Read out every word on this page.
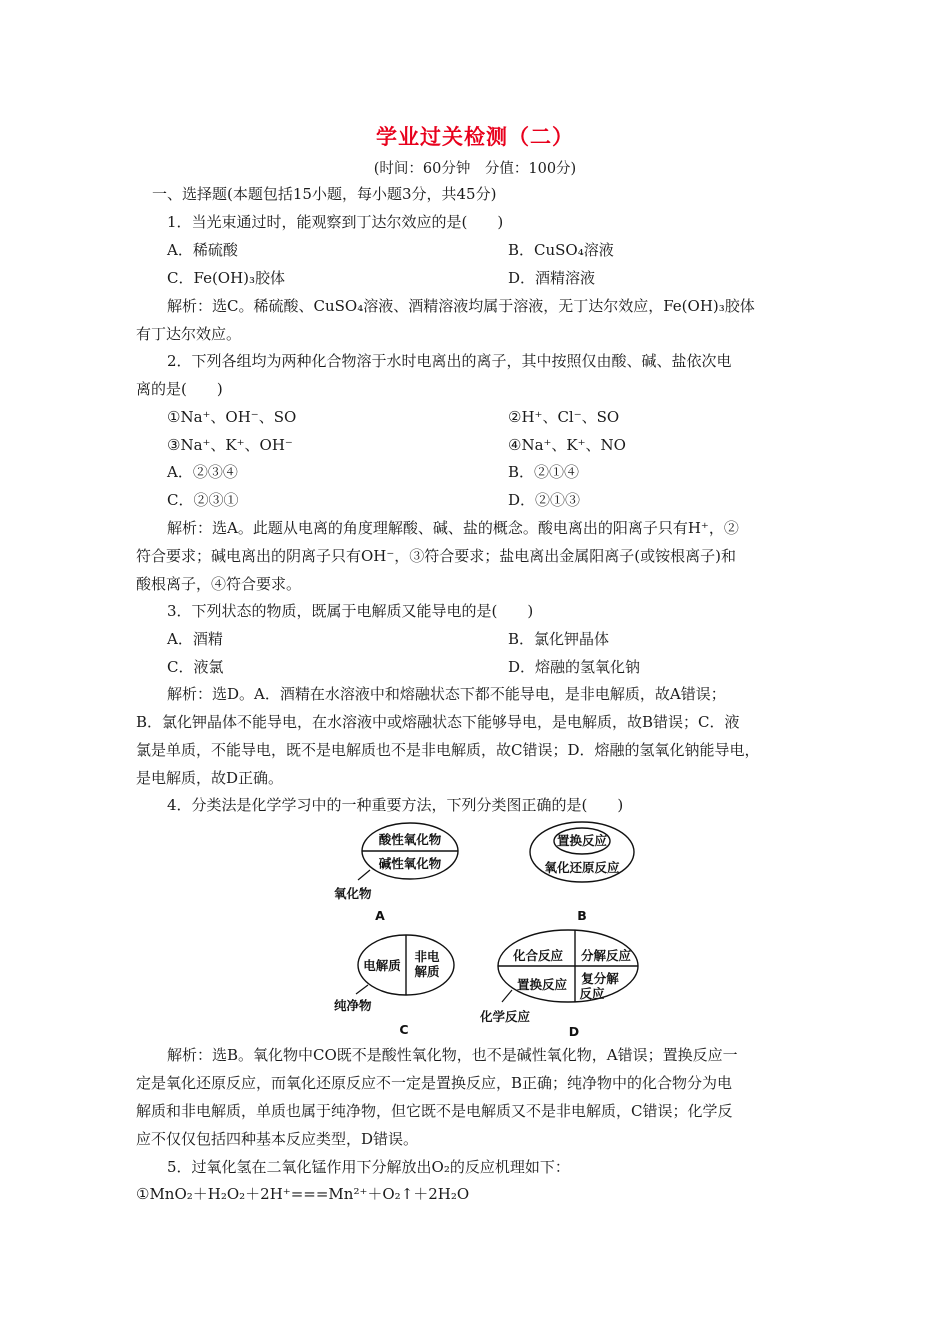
学业过关检测（二）
(时间：60分钟　分值：100分)
一、选择题(本题包括15小题，每小题3分，共45分)
1．当光束通过时，能观察到丁达尔效应的是(　　)
A．稀硫酸	B．CuSO₄溶液
C．Fe(OH)₃胶体	D．酒精溶液
解析：选C。稀硫酸、CuSO₄溶液、酒精溶液均属于溶液，无丁达尔效应，Fe(OH)₃胶体
有丁达尔效应。
2．下列各组均为两种化合物溶于水时电离出的离子，其中按照仅由酸、碱、盐依次电
离的是(　　)
①Na⁺、OH⁻、SO	②H⁺、Cl⁻、SO
③Na⁺、K⁺、OH⁻	④Na⁺、K⁺、NO
A．②③④	B．②①④
C．②③①	D．②①③
解析：选A。此题从电离的角度理解酸、碱、盐的概念。酸电离出的阳离子只有H⁺，②
符合要求；碱电离出的阴离子只有OH⁻，③符合要求；盐电离出金属阳离子(或铵根离子)和
酸根离子，④符合要求。
3．下列状态的物质，既属于电解质又能导电的是(　　)
A．酒精	B．氯化钾晶体
C．液氯	D．熔融的氢氧化钠
解析：选D。A．酒精在水溶液中和熔融状态下都不能导电，是非电解质，故A错误；
B．氯化钾晶体不能导电，在水溶液中或熔融状态下能够导电，是电解质，故B错误；C．液
氯是单质，不能导电，既不是电解质也不是非电解质，故C错误；D．熔融的氢氧化钠能导电，
是电解质，故D正确。
4．分类法是化学学习中的一种重要方法，下列分类图正确的是(　　)
酸性氧化物
碱性氧化物
氧化物
A
置换反应
氧化还原反应
B
电解质
非电
解质
纯净物
C
化合反应 分解反应
置换反应 复分解
反应
化学反应
D
解析：选B。氧化物中CO既不是酸性氧化物，也不是碱性氧化物，A错误；置换反应一
定是氧化还原反应，而氧化还原反应不一定是置换反应，B正确；纯净物中的化合物分为电
解质和非电解质，单质也属于纯净物，但它既不是电解质又不是非电解质，C错误；化学反
应不仅仅包括四种基本反应类型，D错误。
5．过氧化氢在二氧化锰作用下分解放出O₂的反应机理如下：
①MnO₂＋H₂O₂＋2H⁺===Mn²⁺＋O₂↑＋2H₂O
